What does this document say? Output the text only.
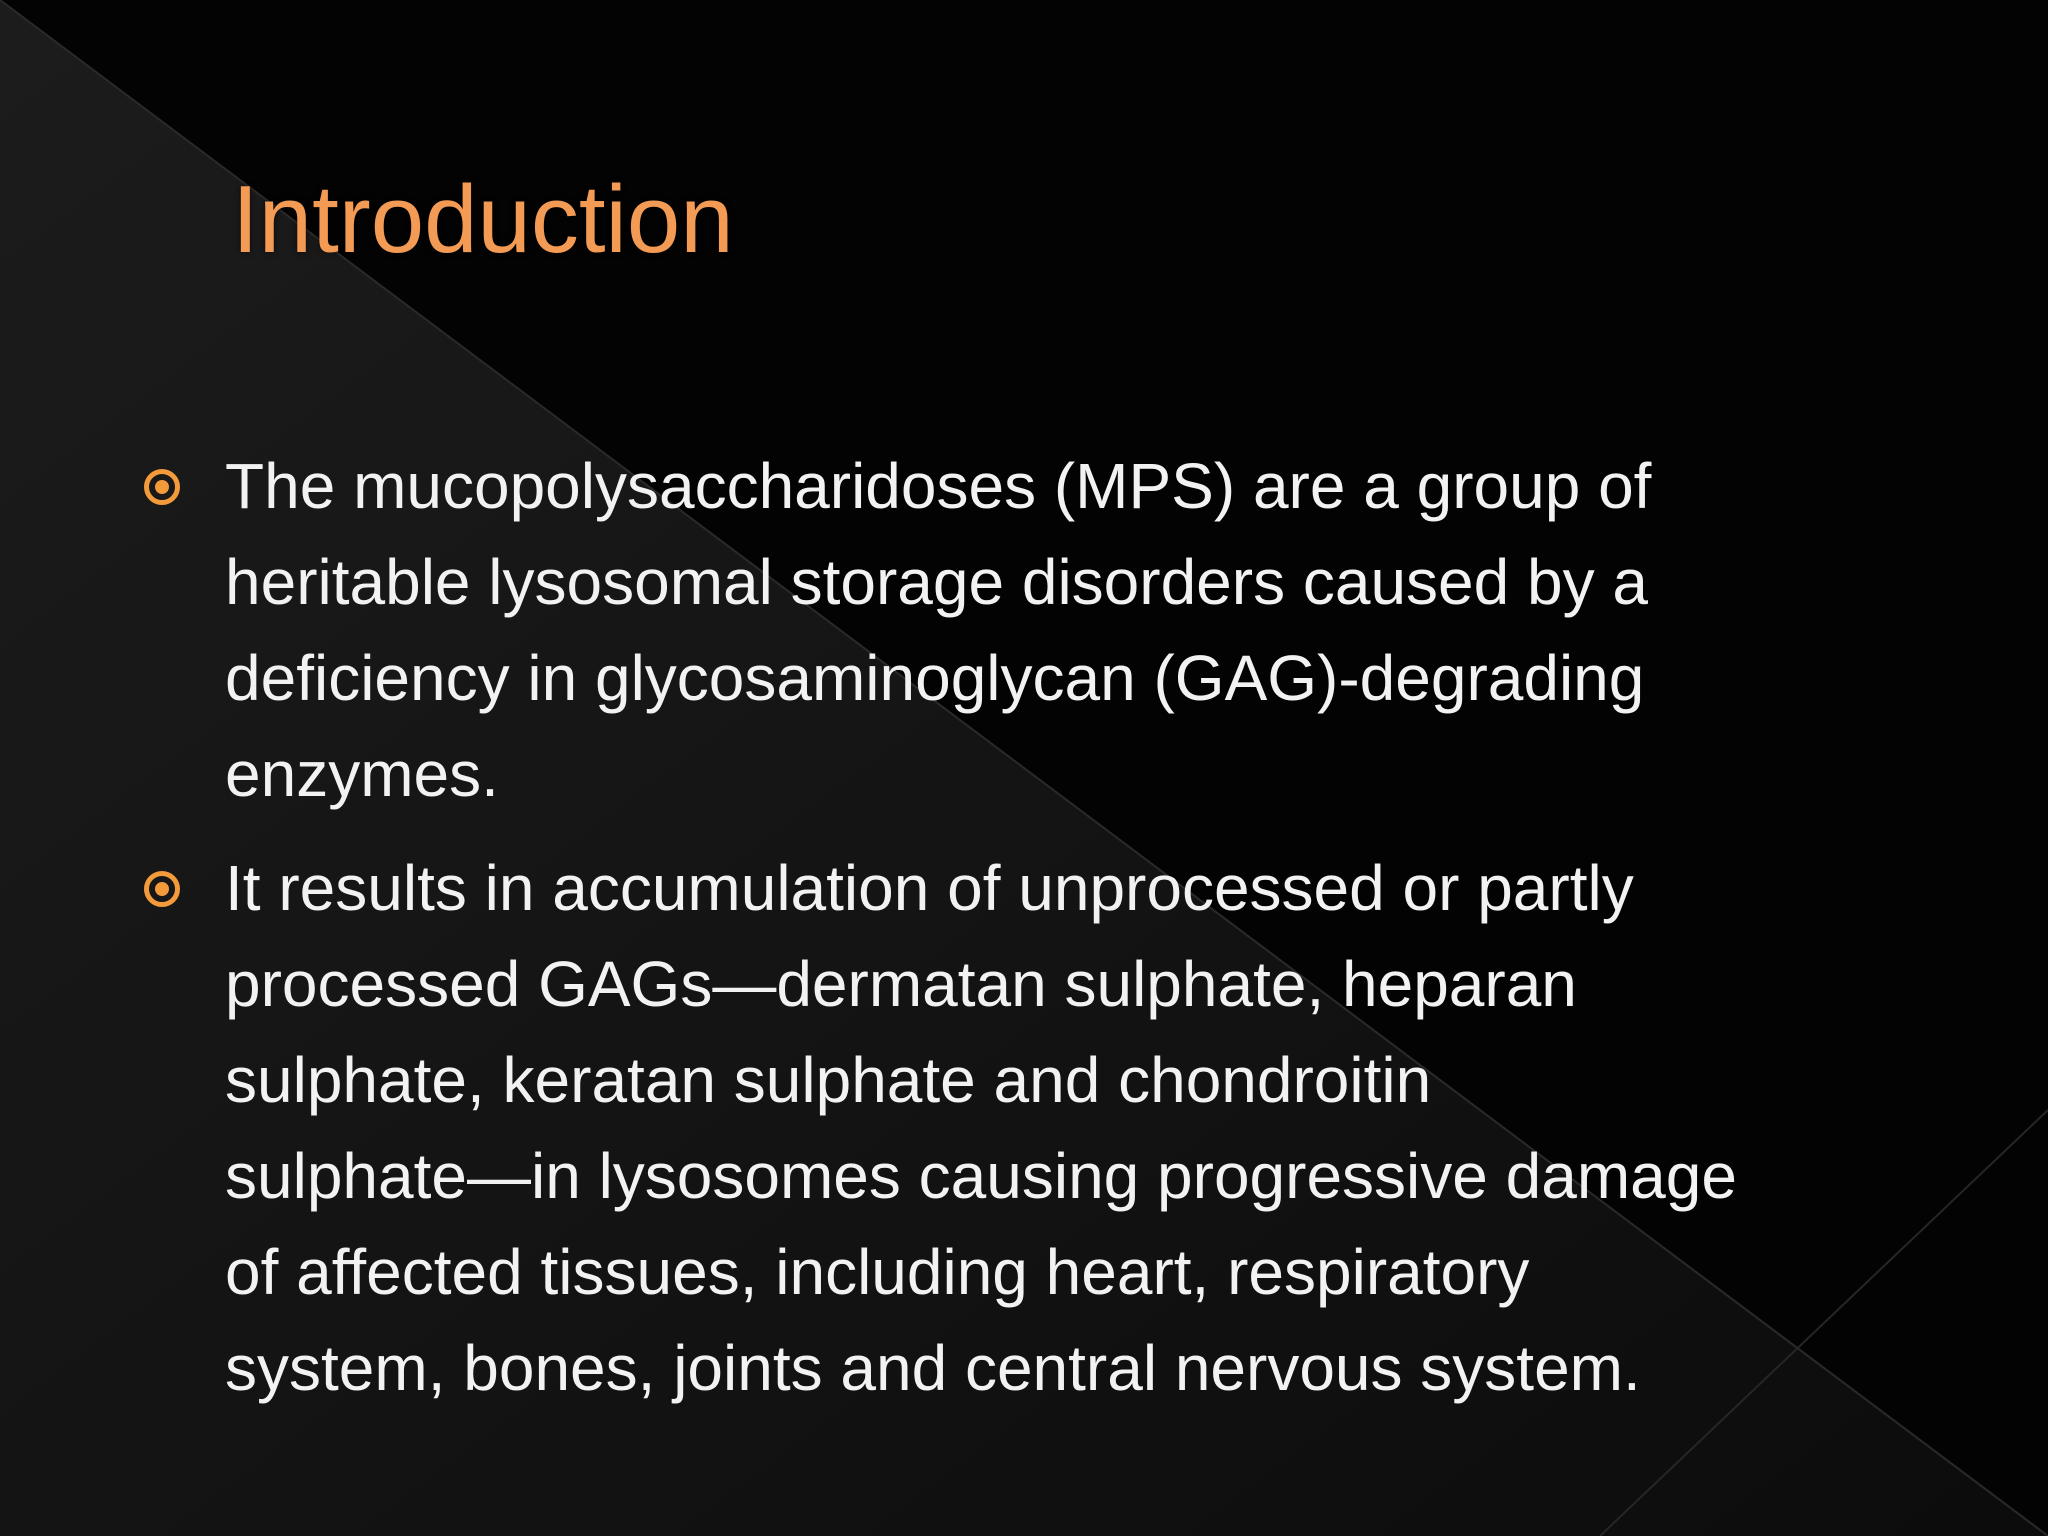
Introduction
The mucopolysaccharidoses (MPS) are a group of
heritable lysosomal storage disorders caused by a
deficiency in glycosaminoglycan (GAG)-degrading
enzymes.
It results in accumulation of unprocessed or partly
processed GAGs—dermatan sulphate, heparan
sulphate, keratan sulphate and chondroitin
sulphate—in lysosomes causing progressive damage
of affected tissues, including heart, respiratory
system, bones, joints and central nervous system.
